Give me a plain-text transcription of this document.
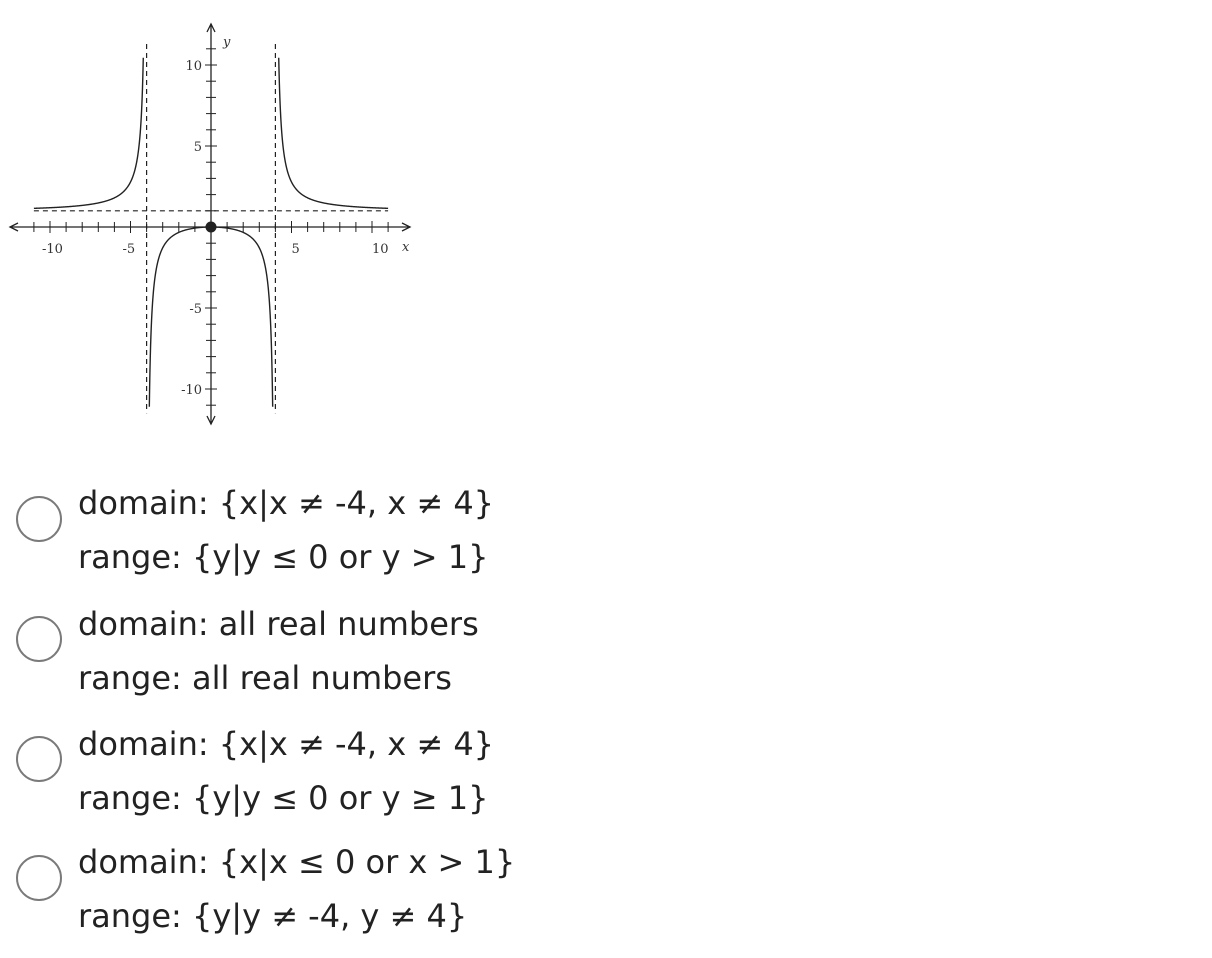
-10	-5	5	10
10
5
-5
-10
x
y
domain: {x|x ≠ -4, x ≠ 4}
range: {y|y ≤ 0 or y > 1}
domain: all real numbers
range: all real numbers
domain: {x|x ≠ -4, x ≠ 4}
range: {y|y ≤ 0 or y ≥ 1}
domain: {x|x ≤ 0 or x > 1}
range: {y|y ≠ -4, y ≠ 4}
